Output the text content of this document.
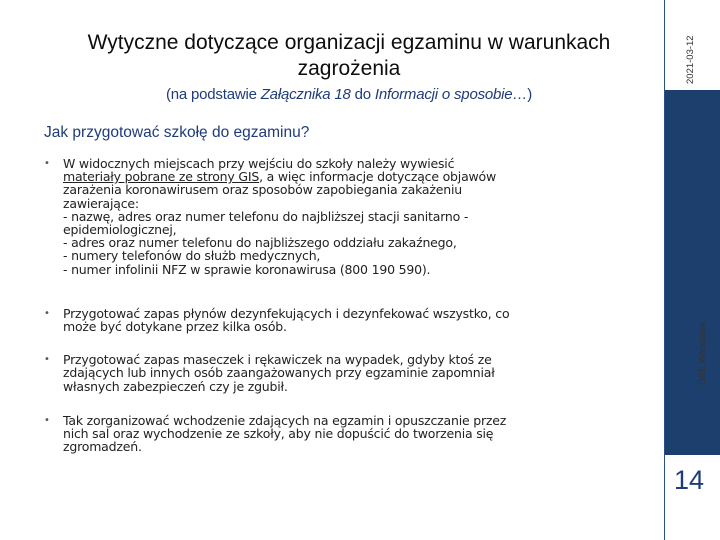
Wytyczne dotyczące organizacji egzaminu w warunkach
zagrożenia
(na podstawie Załącznika 18 do Informacji o sposobie…)
Jak przygotować szkołę do egzaminu?
• W widocznych miejscach przy wejściu do szkoły należy wywiesić
materiały pobrane ze strony GIS, a więc informacje dotyczące objawów
zarażenia koronawirusem oraz sposobów zapobiegania zakażeniu
zawierające:
- nazwę, adres oraz numer telefonu do najbliższej stacji sanitarno -
epidemiologicznej,
- adres oraz numer telefonu do najbliższego oddziału zakaźnego,
- numery telefonów do służb medycznych,
- numer infolinii NFZ w sprawie koronawirusa (800 190 590).
• Przygotować zapas płynów dezynfekujących i dezynfekować wszystko, co
może być dotykane przez kilka osób.
• Przygotować zapas maseczek i rękawiczek na wypadek, gdyby ktoś ze
zdających lub innych osób zaangażowanych przy egzaminie zapomniał
własnych zabezpieczeń czy je zgubił.
• Tak zorganizować wchodzenie zdających na egzamin i opuszczanie przez
nich sal oraz wychodzenie ze szkoły, aby nie dopuścić do tworzenia się
zgromadzeń.
2021-03-12
OKE Warszawa
14
